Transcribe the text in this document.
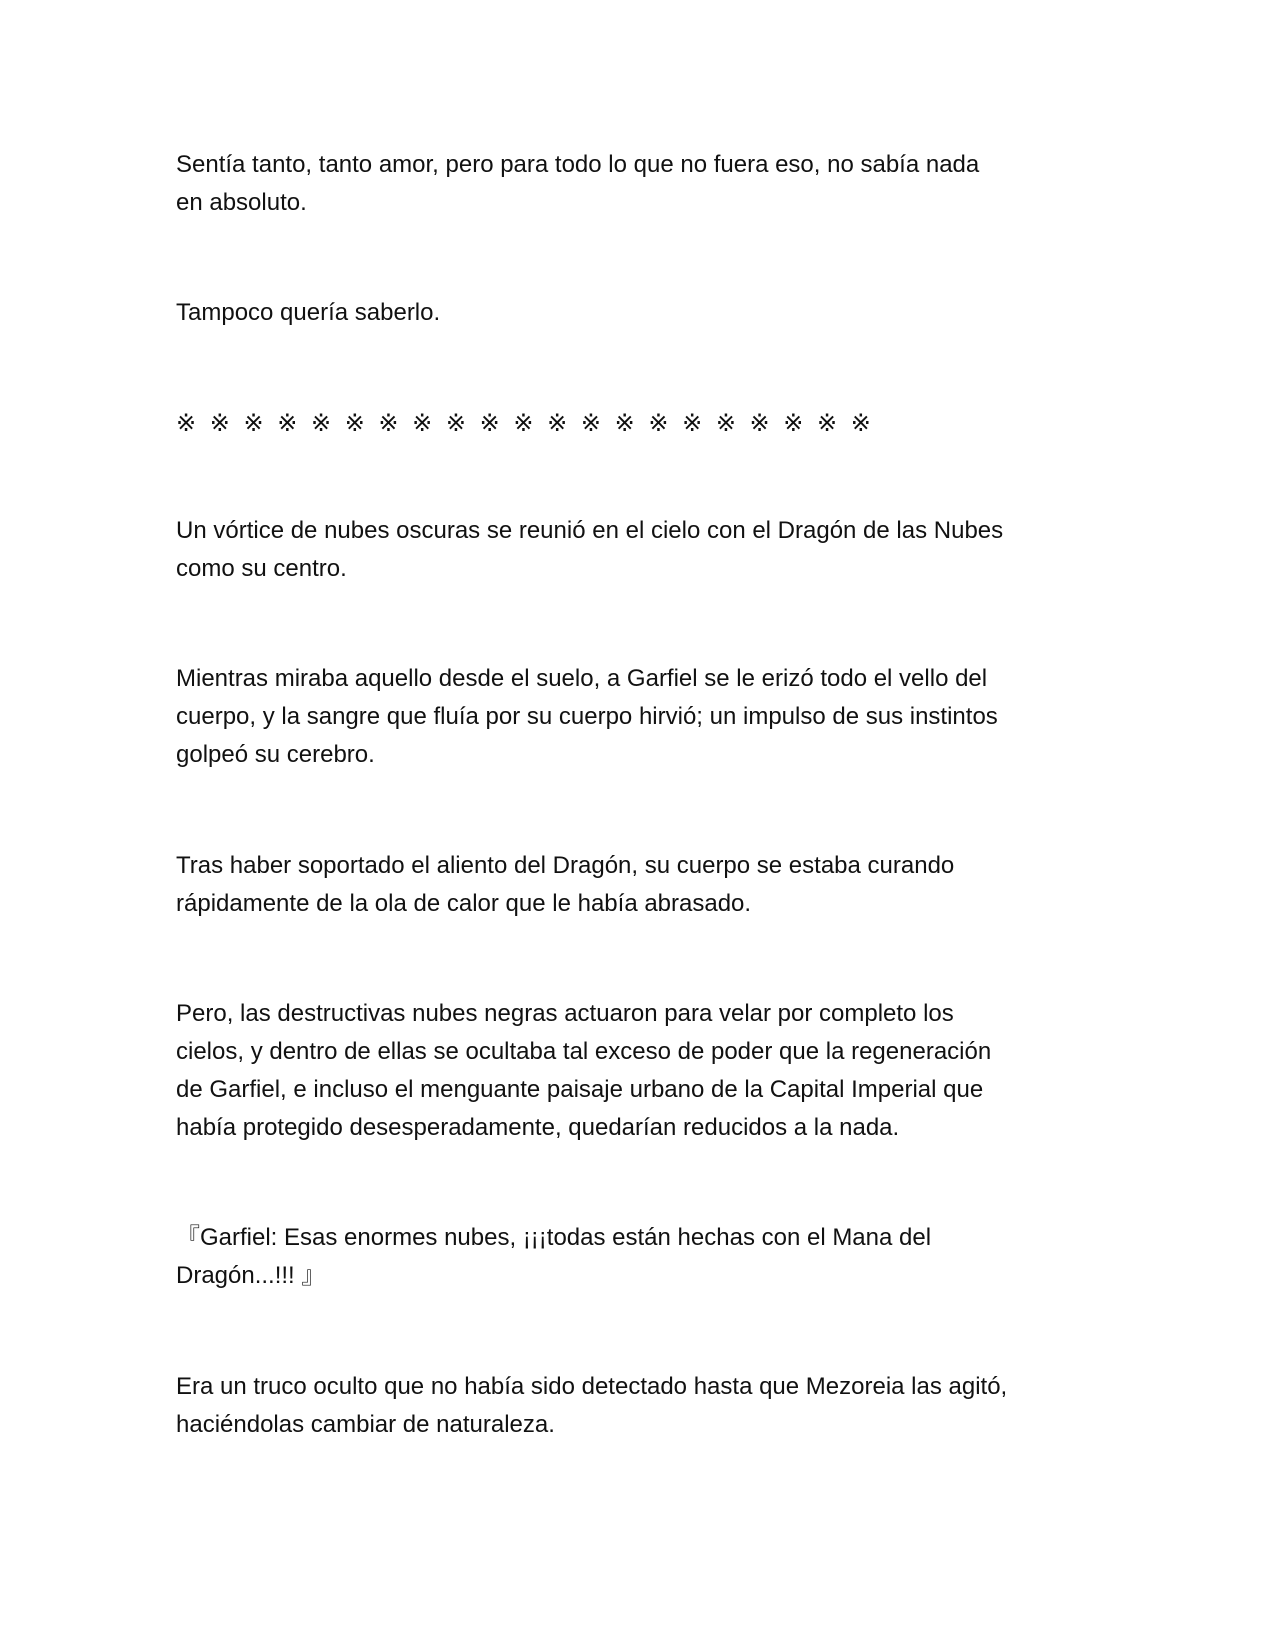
Sentía tanto, tanto amor, pero para todo lo que no fuera eso, no sabía nada
en absoluto.

Tampoco quería saberlo.

※ ※ ※ ※ ※ ※ ※ ※ ※ ※ ※ ※ ※ ※ ※ ※ ※ ※ ※ ※ ※

Un vórtice de nubes oscuras se reunió en el cielo con el Dragón de las Nubes
como su centro.

Mientras miraba aquello desde el suelo, a Garfiel se le erizó todo el vello del
cuerpo, y la sangre que fluía por su cuerpo hirvió; un impulso de sus instintos
golpeó su cerebro.

Tras haber soportado el aliento del Dragón, su cuerpo se estaba curando
rápidamente de la ola de calor que le había abrasado.

Pero, las destructivas nubes negras actuaron para velar por completo los
cielos, y dentro de ellas se ocultaba tal exceso de poder que la regeneración
de Garfiel, e incluso el menguante paisaje urbano de la Capital Imperial que
había protegido desesperadamente, quedarían reducidos a la nada.

『Garfiel: Esas enormes nubes, ¡¡¡todas están hechas con el Mana del
Dragón...!!! 』

Era un truco oculto que no había sido detectado hasta que Mezoreia las agitó,
haciéndolas cambiar de naturaleza.
